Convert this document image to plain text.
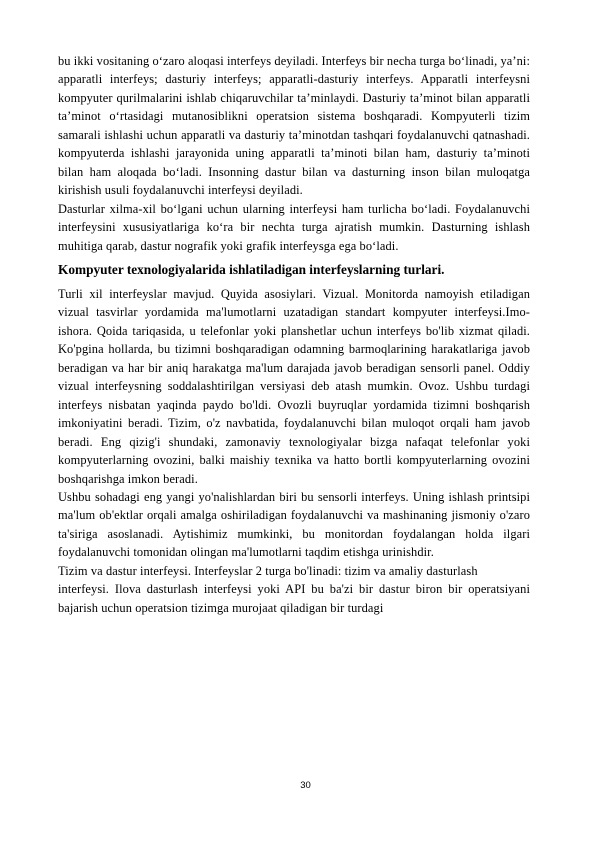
bu ikki vositaning oʻzaro aloqasi interfeys deyiladi. Interfeys bir necha turga boʻlinadi, ya’ni: apparatli interfeys; dasturiy interfeys; apparatli-dasturiy interfeys. Apparatli interfeysni kompyuter qurilmalarini ishlab chiqaruvchilar ta’minlaydi. Dasturiy ta’minot bilan apparatli ta’minot oʻrtasidagi mutanosiblikni operatsion sistema boshqaradi. Kompyuterli tizim samarali ishlashi uchun apparatli va dasturiy ta’minotdan tashqari foydalanuvchi qatnashadi. kompyuterda ishlashi jarayonida uning apparatli ta’minoti bilan ham, dasturiy ta’minoti bilan ham aloqada boʻladi. Insonning dastur bilan va dasturning inson bilan muloqatga kirishish usuli foydalanuvchi interfeysi deyiladi.

Dasturlar xilma-xil boʻlgani uchun ularning interfeysi ham turlicha boʻladi. Foydalanuvchi interfeysini xususiyatlariga koʻra bir nechta turga ajratish mumkin. Dasturning ishlash muhitiga qarab, dastur nografik yoki grafik interfeysga ega boʻladi.

Kompyuter texnologiyalarida ishlatiladigan interfeyslarning turlari.

Turli xil interfeyslar mavjud. Quyida asosiylari. Vizual. Monitorda namoyish etiladigan vizual tasvirlar yordamida ma'lumotlarni uzatadigan standart kompyuter interfeysi.Imo-ishora. Qoida tariqasida, u telefonlar yoki planshetlar uchun interfeys bo'lib xizmat qiladi. Ko'pgina hollarda, bu tizimni boshqaradigan odamning barmoqlarining harakatlariga javob beradigan va har bir aniq harakatga ma'lum darajada javob beradigan sensorli panel. Oddiy vizual interfeysning soddalashtirilgan versiyasi deb atash mumkin. Ovoz. Ushbu turdagi interfeys nisbatan yaqinda paydo bo'ldi. Ovozli buyruqlar yordamida tizimni boshqarish imkoniyatini beradi. Tizim, o'z navbatida, foydalanuvchi bilan muloqot orqali ham javob beradi. Eng qizig'i shundaki, zamonaviy texnologiyalar bizga nafaqat telefonlar yoki kompyuterlarning ovozini, balki maishiy texnika va hatto bortli kompyuterlarning ovozini boshqarishga imkon beradi.

Ushbu sohadagi eng yangi yo'nalishlardan biri bu sensorli interfeys. Uning ishlash printsipi ma'lum ob'ektlar orqali amalga oshiriladigan foydalanuvchi va mashinaning jismoniy o'zaro ta'siriga asoslanadi. Aytishimiz mumkinki, bu monitordan foydalangan holda ilgari foydalanuvchi tomonidan olingan ma'lumotlarni taqdim etishga urinishdir.

Tizim va dastur interfeysi. Interfeyslar 2 turga bo'linadi: tizim va amaliy dasturlash

interfeysi. Ilova dasturlash interfeysi yoki API bu ba'zi bir dastur biron bir operatsiyani bajarish uchun operatsion tizimga murojaat qiladigan bir turdagi

30
